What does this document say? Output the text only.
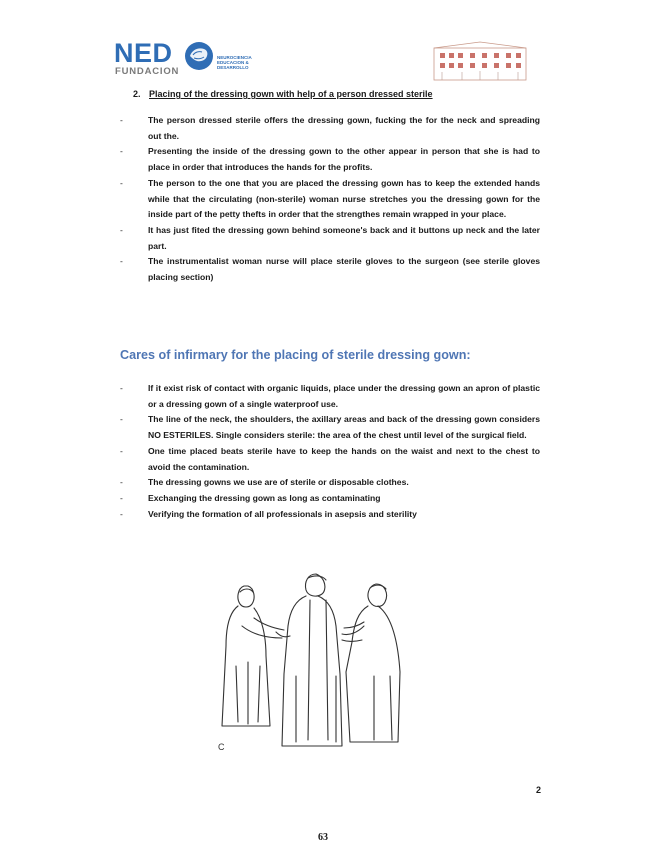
NED
FUNDACION
NEUROCIENCIA
EDUCACION &
DESARROLLO
2. Placing of the dressing gown with help of a person dressed sterile
-	The person dressed sterile offers the dressing gown, fucking the for the neck and spreading out the.
-	Presenting the inside of the dressing gown to the other appear in person that she is had to place in order that introduces the hands for the profits.
-	The person to the one that you are placed the dressing gown has to keep the extended hands while that the circulating (non-sterile) woman nurse stretches you the dressing gown for the inside part of the petty thefts in order that the strengthes remain wrapped in your place.
-	It has just fited the dressing gown behind someone's back and it buttons up neck and the later part.
-	The instrumentalist woman nurse will place sterile gloves to the surgeon (see sterile gloves placing section)
Cares of infirmary for the placing of sterile dressing gown:
-	If it exist risk of contact with organic liquids, place under the dressing gown an apron of plastic or a dressing gown of a single waterproof use.
-	The line of the neck, the shoulders, the axillary areas and back of the dressing gown considers NO ESTERILES. Single considers sterile: the area of the chest until level of the surgical field.
-	One time placed beats sterile have to keep the hands on the waist and next to the chest to avoid the contamination.
-	The dressing gowns we use are of sterile or disposable clothes.
-	Exchanging the dressing gown as long as contaminating
-	Verifying the formation of all professionals in asepsis and sterility
C
2
63
